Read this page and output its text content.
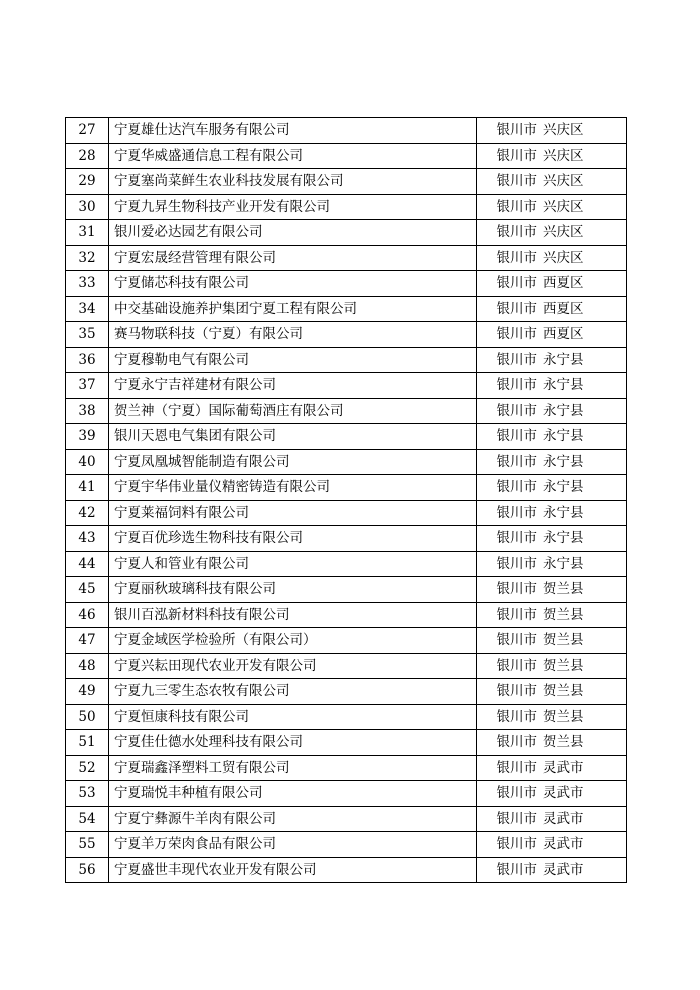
27	宁夏雄仕达汽车服务有限公司	银川市 兴庆区
28	宁夏华威盛通信息工程有限公司	银川市 兴庆区
29	宁夏塞尚菜鲜生农业科技发展有限公司	银川市 兴庆区
30	宁夏九昇生物科技产业开发有限公司	银川市 兴庆区
31	银川爱必达园艺有限公司	银川市 兴庆区
32	宁夏宏晟经营管理有限公司	银川市 兴庆区
33	宁夏储芯科技有限公司	银川市 西夏区
34	中交基础设施养护集团宁夏工程有限公司	银川市 西夏区
35	赛马物联科技（宁夏）有限公司	银川市 西夏区
36	宁夏穆勒电气有限公司	银川市 永宁县
37	宁夏永宁吉祥建材有限公司	银川市 永宁县
38	贺兰神（宁夏）国际葡萄酒庄有限公司	银川市 永宁县
39	银川天恩电气集团有限公司	银川市 永宁县
40	宁夏凤凰城智能制造有限公司	银川市 永宁县
41	宁夏宇华伟业量仪精密铸造有限公司	银川市 永宁县
42	宁夏莱福饲料有限公司	银川市 永宁县
43	宁夏百优珍选生物科技有限公司	银川市 永宁县
44	宁夏人和管业有限公司	银川市 永宁县
45	宁夏丽秋玻璃科技有限公司	银川市 贺兰县
46	银川百泓新材料科技有限公司	银川市 贺兰县
47	宁夏金域医学检验所（有限公司）	银川市 贺兰县
48	宁夏兴耘田现代农业开发有限公司	银川市 贺兰县
49	宁夏九三零生态农牧有限公司	银川市 贺兰县
50	宁夏恒康科技有限公司	银川市 贺兰县
51	宁夏佳仕德水处理科技有限公司	银川市 贺兰县
52	宁夏瑞鑫泽塑料工贸有限公司	银川市 灵武市
53	宁夏瑞悦丰种植有限公司	银川市 灵武市
54	宁夏宁彝源牛羊肉有限公司	银川市 灵武市
55	宁夏羊万荣肉食品有限公司	银川市 灵武市
56	宁夏盛世丰现代农业开发有限公司	银川市 灵武市
